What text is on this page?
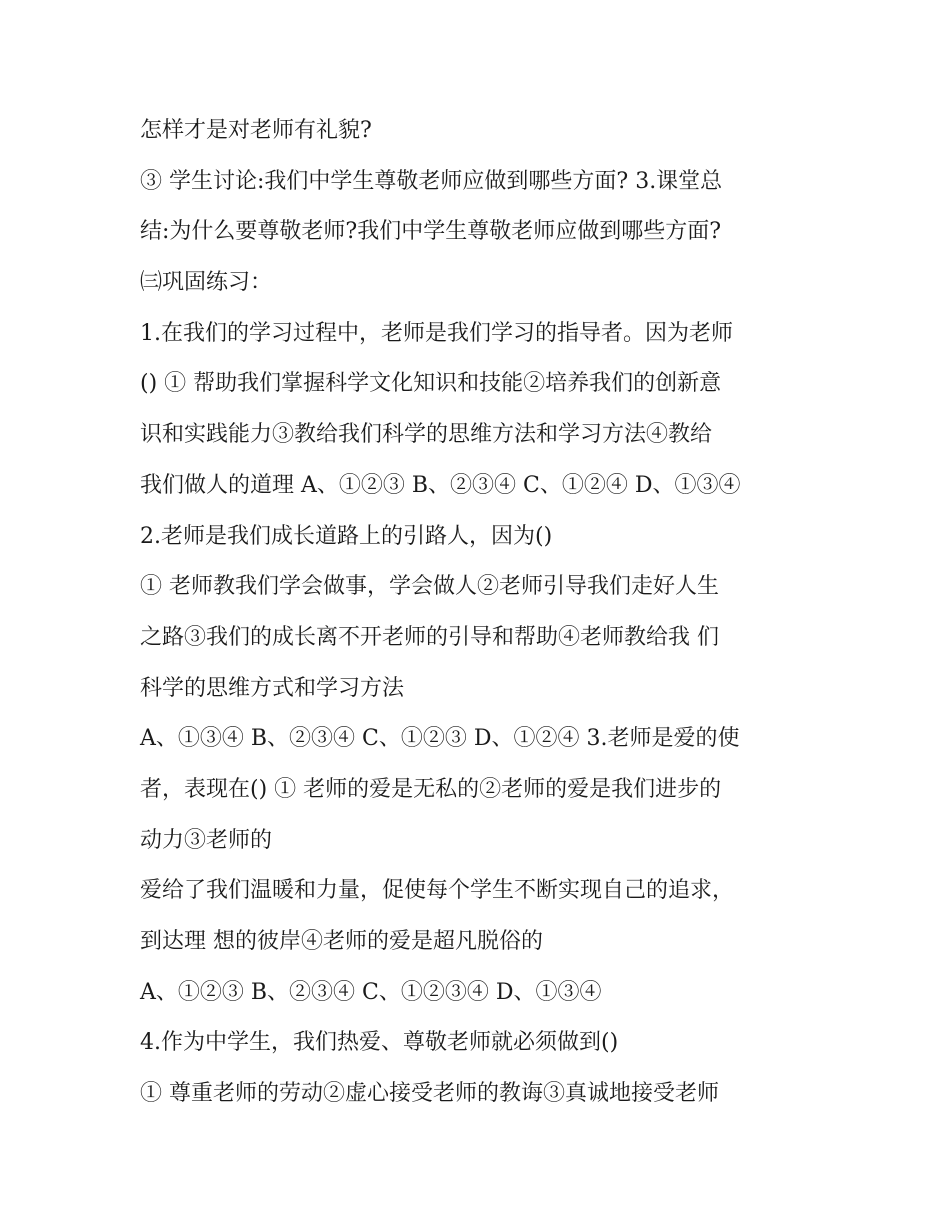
怎样才是对老师有礼貌?
③ 学生讨论:我们中学生尊敬老师应做到哪些方面? 3.课堂总
结:为什么要尊敬老师?我们中学生尊敬老师应做到哪些方面?
㈢巩固练习：
1.在我们的学习过程中，老师是我们学习的指导者。因为老师
() ① 帮助我们掌握科学文化知识和技能②培养我们的创新意
识和实践能力③教给我们科学的思维方法和学习方法④教给
我们做人的道理 A、①②③ B、②③④ C、①②④ D、①③④
2.老师是我们成长道路上的引路人，因为()
① 老师教我们学会做事，学会做人②老师引导我们走好人生
之路③我们的成长离不开老师的引导和帮助④老师教给我 们
科学的思维方式和学习方法
A、①③④ B、②③④ C、①②③ D、①②④ 3.老师是爱的使
者，表现在() ① 老师的爱是无私的②老师的爱是我们进步的
动力③老师的
爱给了我们温暖和力量，促使每个学生不断实现自己的追求，
到达理 想的彼岸④老师的爱是超凡脱俗的
A、①②③ B、②③④ C、①②③④ D、①③④
4.作为中学生，我们热爱、尊敬老师就必须做到()
① 尊重老师的劳动②虚心接受老师的教诲③真诚地接受老师
